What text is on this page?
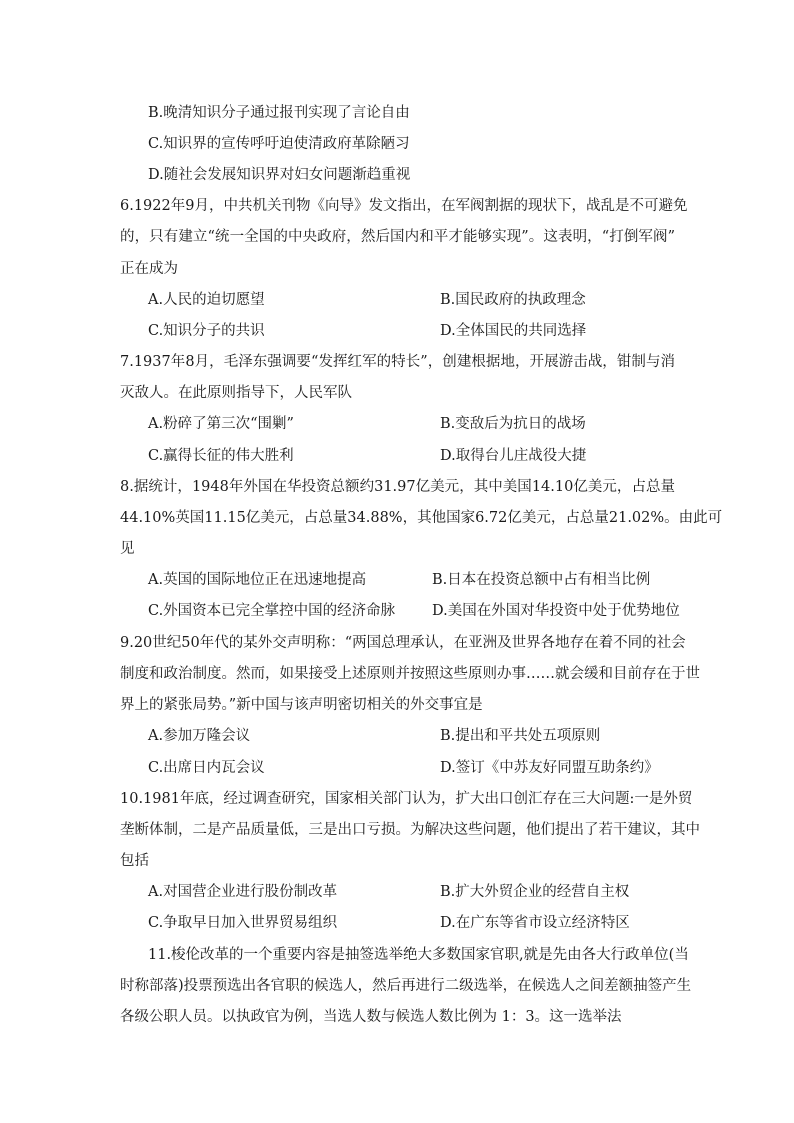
B.晚清知识分子通过报刊实现了言论自由
C.知识界的宣传呼吁迫使清政府革除陋习
D.随社会发展知识界对妇女问题渐趋重视
6.1922年9月，中共机关刊物《向导》发文指出，在军阀割据的现状下，战乱是不可避免
的，只有建立“统一全国的中央政府，然后国内和平才能够实现”。这表明，“打倒军阀”
正在成为
A.人民的迫切愿望	B.国民政府的执政理念
C.知识分子的共识	D.全体国民的共同选择
7.1937年8月，毛泽东强调要“发挥红军的特长”，创建根据地，开展游击战，钳制与消
灭敌人。在此原则指导下，人民军队
A.粉碎了第三次“围剿”	B.变敌后为抗日的战场
C.赢得长征的伟大胜利	D.取得台儿庄战役大捷
8.据统计，1948年外国在华投资总额约31.97亿美元，其中美国14.10亿美元，占总量
44.10%英国11.15亿美元，占总量34.88%，其他国家6.72亿美元，占总量21.02%。由此可
见
A.英国的国际地位正在迅速地提高	B.日本在投资总额中占有相当比例
C.外国资本已完全掌控中国的经济命脉	D.美国在外国对华投资中处于优势地位
9.20世纪50年代的某外交声明称：“两国总理承认，在亚洲及世界各地存在着不同的社会
制度和政治制度。然而，如果接受上述原则并按照这些原则办事……就会缓和目前存在于世
界上的紧张局势。”新中国与该声明密切相关的外交事宜是
A.参加万隆会议	B.提出和平共处五项原则
C.出席日内瓦会议	D.签订《中苏友好同盟互助条约》
10.1981年底，经过调查研究，国家相关部门认为，扩大出口创汇存在三大问题:一是外贸
垄断体制，二是产品质量低，三是出口亏损。为解决这些问题，他们提出了若干建议，其中
包括
A.对国营企业进行股份制改革	B.扩大外贸企业的经营自主权
C.争取早日加入世界贸易组织	D.在广东等省市设立经济特区
11.梭伦改革的一个重要内容是抽签选举绝大多数国家官职,就是先由各大行政单位(当
时称部落)投票预选出各官职的候选人，然后再进行二级选举，在候选人之间差额抽签产生
各级公职人员。以执政官为例，当选人数与候选人数比例为 1：3。这一选举法
